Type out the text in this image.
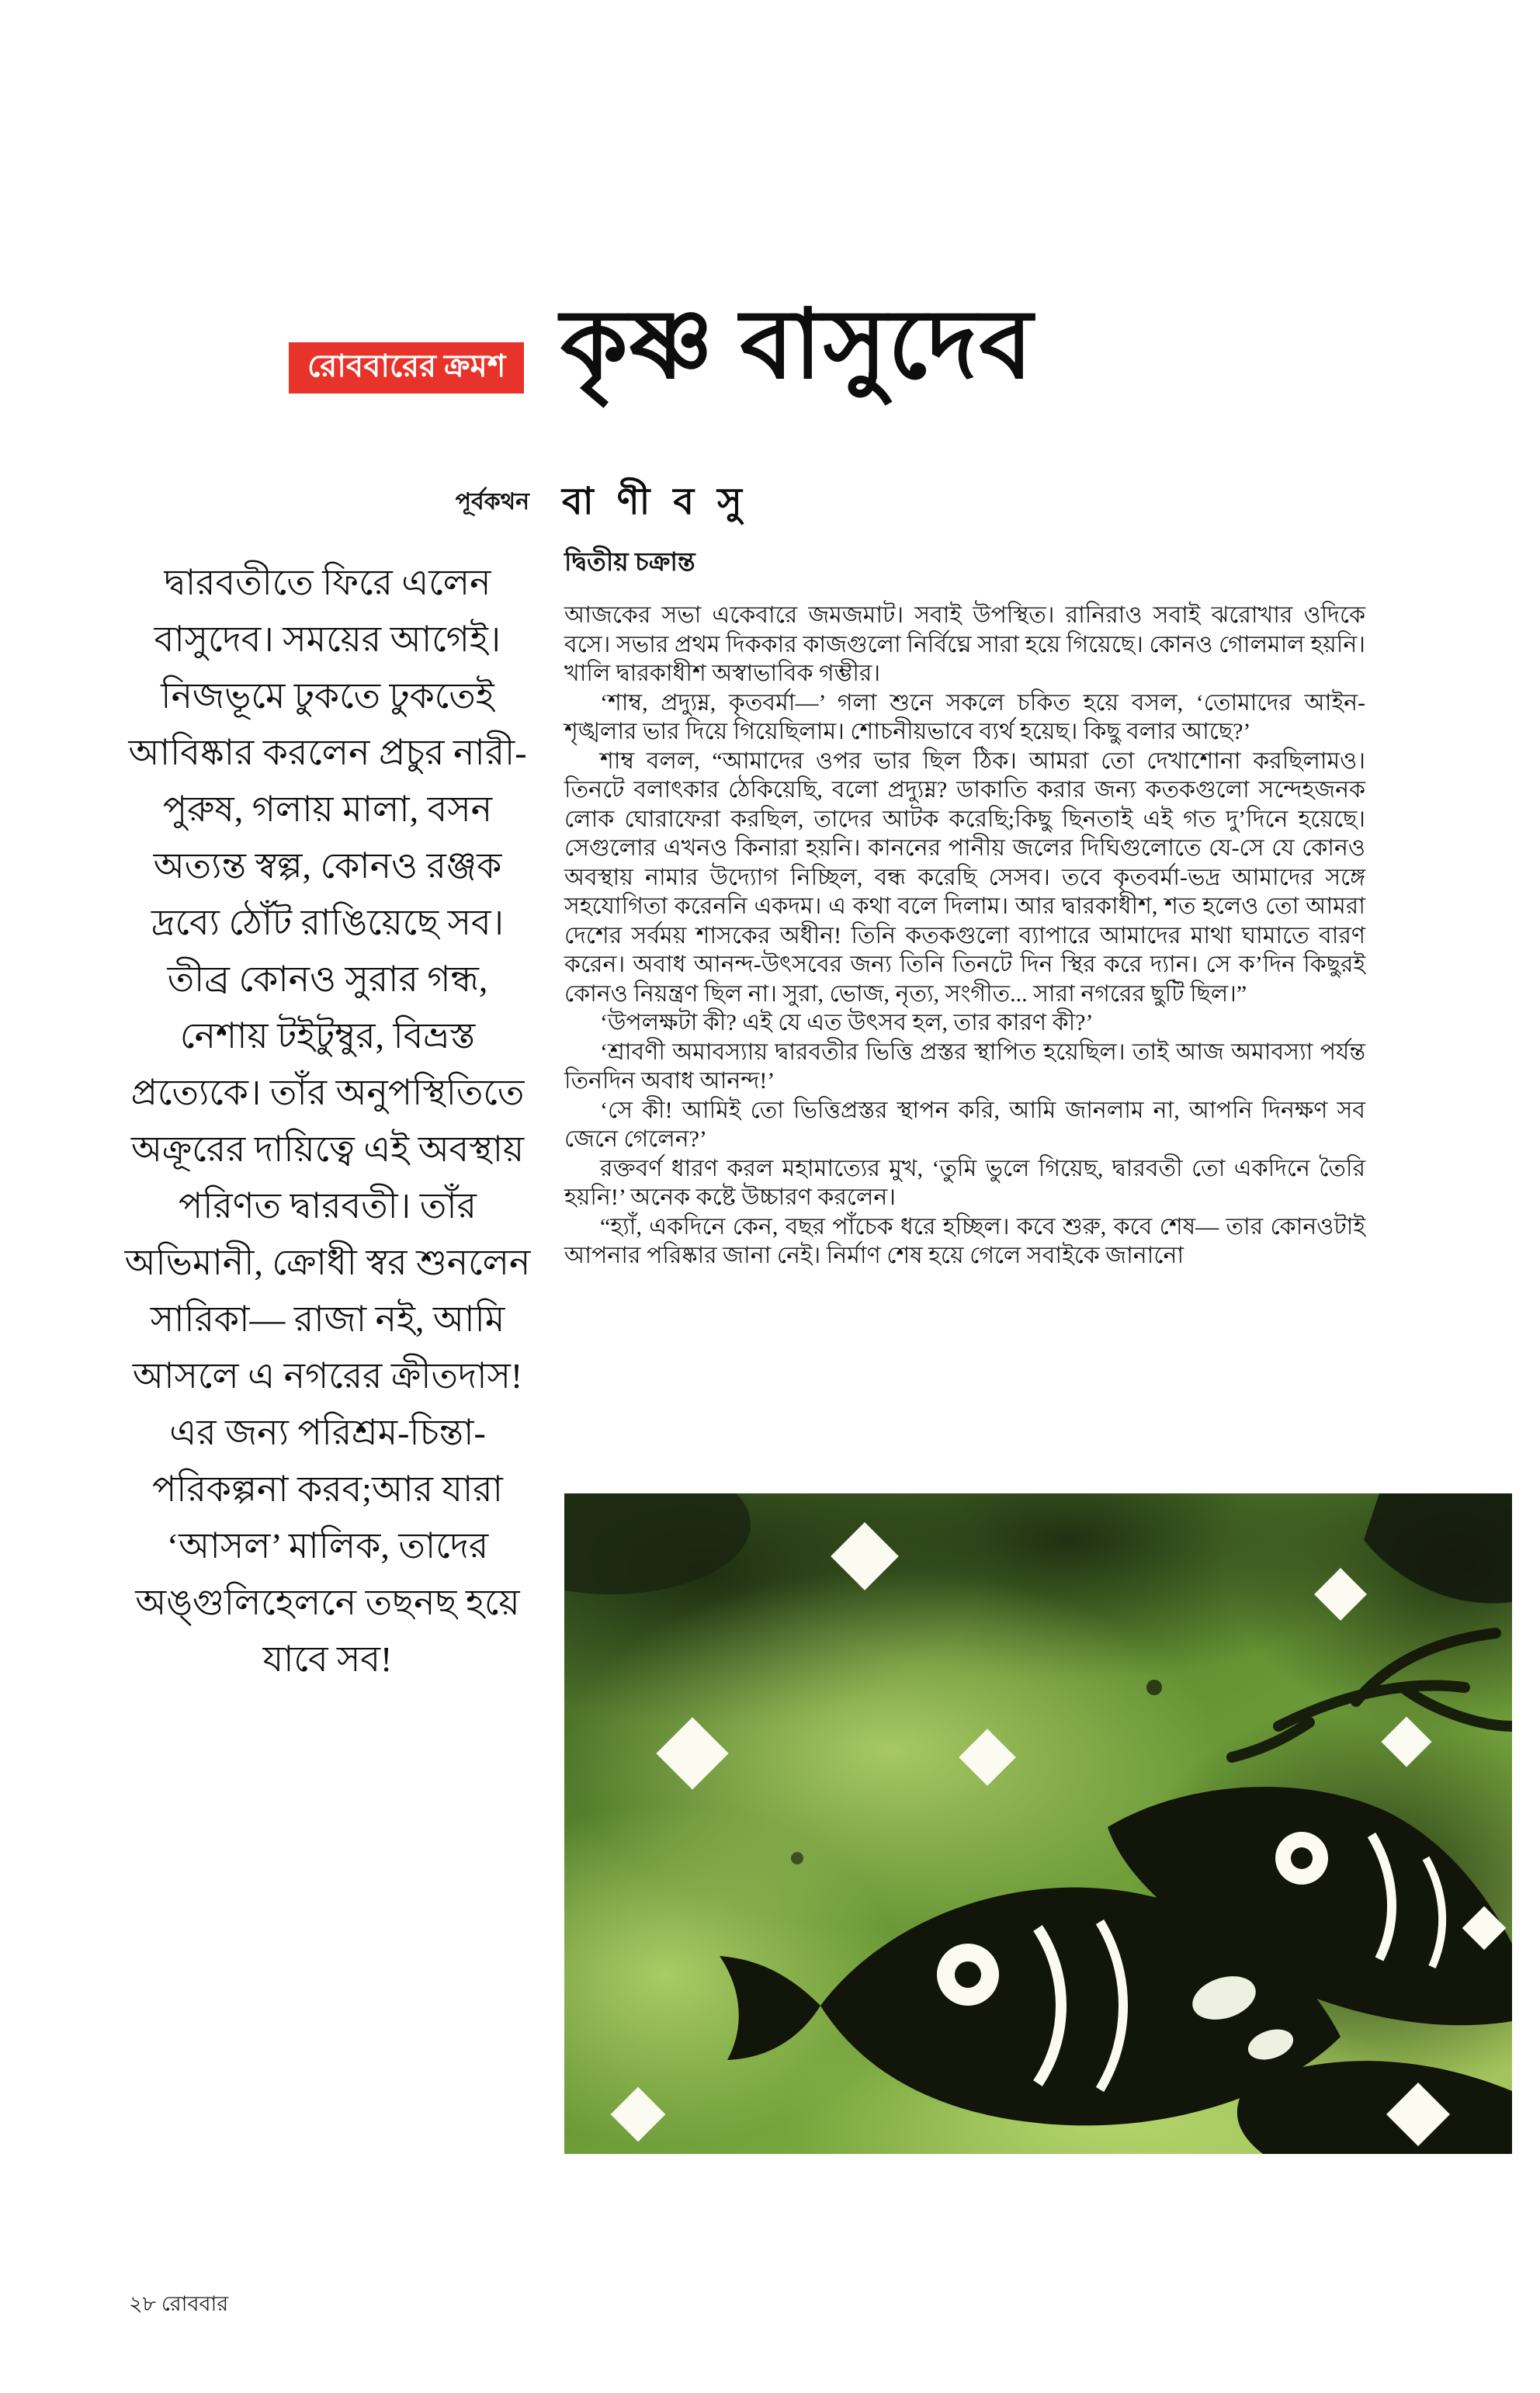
রোববারের ক্রমশ কৃষ্ণ বাসুদেব
পূর্বকথন বা ণী ব সু
দ্বারবতীতে ফিরে এলেন বাসুদেব। সময়ের আগেই। নিজভূমে ঢুকতে ঢুকতেই আবিষ্কার করলেন প্রচুর নারী-পুরুষ, গলায় মালা, বসন অত্যন্ত স্বল্প, কোনও রঞ্জক দ্রব্যে ঠোঁট রাঙিয়েছে সব। তীব্র কোনও সুরার গন্ধ, নেশায় টইটুম্বুর, বিভ্রস্ত প্রত্যেকে। তাঁর অনুপস্থিতিতে অক্রূরের দায়িত্বে এই অবস্থায় পরিণত দ্বারবতী। তাঁর অভিমানী, ক্রোধী স্বর শুনলেন সারিকা— রাজা নই, আমি আসলে এ নগরের ক্রীতদাস! এর জন্য পরিশ্রম-চিন্তা-পরিকল্পনা করব;আর যারা ‘আসল’ মালিক, তাদের অঙ্গুলিহেলনে তছনছ হয়ে যাবে সব!
দ্বিতীয় চক্রান্ত

আজকের সভা একেবারে জমজমাট। সবাই উপস্থিত। রানিরাও সবাই ঝরোখার ওদিকে বসে। সভার প্রথম দিককার কাজগুলো নির্বিঘ্নে সারা হয়ে গিয়েছে। কোনও গোলমাল হয়নি। খালি দ্বারকাধীশ অস্বাভাবিক গম্ভীর।

‘শাম্ব, প্রদ্যুম্ন, কৃতবর্মা—’ গলা শুনে সকলে চকিত হয়ে বসল, ‘তোমাদের আইন-শৃঙ্খলার ভার দিয়ে গিয়েছিলাম। শোচনীয়ভাবে ব্যর্থ হয়েছ। কিছু বলার আছে?’

শাম্ব বলল, “আমাদের ওপর ভার ছিল ঠিক। আমরা তো দেখাশোনা করছিলামও। তিনটে বলাৎকার ঠেকিয়েছি, বলো প্রদ্যুম্ন? ডাকাতি করার জন্য কতকগুলো সন্দেহজনক লোক ঘোরাফেরা করছিল, তাদের আটক করেছি;কিছু ছিনতাই এই গত দু’দিনে হয়েছে। সেগুলোর এখনও কিনারা হয়নি। কাননের পানীয় জলের দিঘিগুলোতে যে-সে যে কোনও অবস্থায় নামার উদ্যোগ নিচ্ছিল, বন্ধ করেছি সেসব। তবে কৃতবর্মা-ভদ্র আমাদের সঙ্গে সহযোগিতা করেননি একদম। এ কথা বলে দিলাম। আর দ্বারকাধীশ, শত হলেও তো আমরা দেশের সর্বময় শাসকের অধীন! তিনি কতকগুলো ব্যাপারে আমাদের মাথা ঘামাতে বারণ করেন। অবাধ আনন্দ-উৎসবের জন্য তিনি তিনটে দিন স্থির করে দ্যান। সে ক’দিন কিছুরই কোনও নিয়ন্ত্রণ ছিল না। সুরা, ভোজ, নৃত্য, সংগীত... সারা নগরের ছুটি ছিল।”

‘উপলক্ষটা কী? এই যে এত উৎসব হল, তার কারণ কী?’

‘শ্রাবণী অমাবস্যায় দ্বারবতীর ভিত্তি প্রস্তর স্থাপিত হয়েছিল। তাই আজ অমাবস্যা পর্যন্ত তিনদিন অবাধ আনন্দ!’

‘সে কী! আমিই তো ভিত্তিপ্রস্তর স্থাপন করি, আমি জানলাম না, আপনি দিনক্ষণ সব জেনে গেলেন?’

রক্তবর্ণ ধারণ করল মহামাত্যের মুখ, ‘তুমি ভুলে গিয়েছ, দ্বারবতী তো একদিনে তৈরি হয়নি!’ অনেক কষ্টে উচ্চারণ করলেন।

“হ্যাঁ, একদিনে কেন, বছর পাঁচেক ধরে হচ্ছিল। কবে শুরু, কবে শেষ— তার কোনওটাই আপনার পরিষ্কার জানা নেই। নির্মাণ শেষ হয়ে গেলে সবাইকে জানানো

২৮ রোববার
